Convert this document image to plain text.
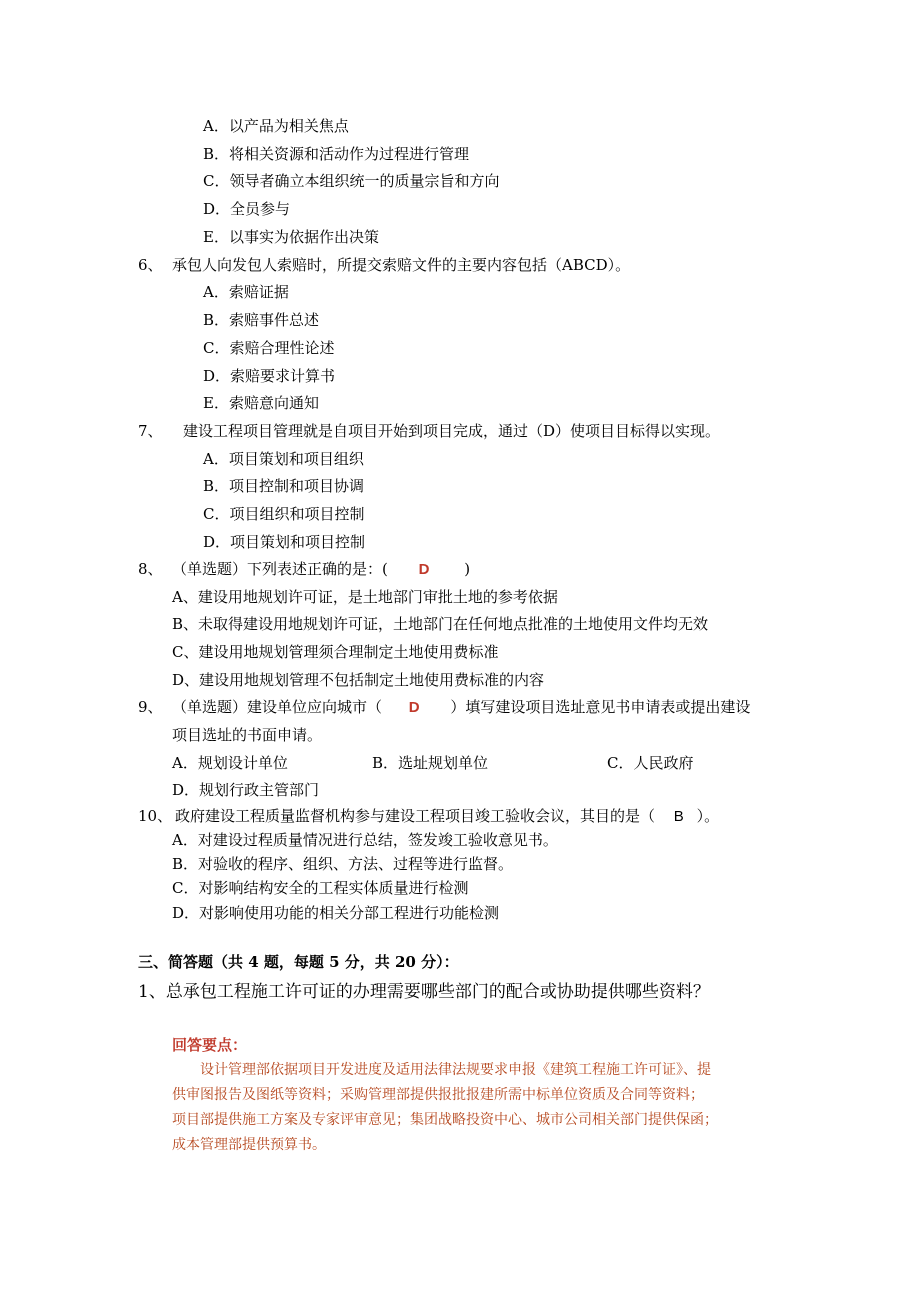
A．以产品为相关焦点
B．将相关资源和活动作为过程进行管理
C．领导者确立本组织统一的质量宗旨和方向
D．全员参与
E．以事实为依据作出决策
6、 承包人向发包人索赔时，所提交索赔文件的主要内容包括（ABCD）。
A．索赔证据
B．索赔事件总述
C．索赔合理性论述
D．索赔要求计算书
E．索赔意向通知
7、 建设工程项目管理就是自项目开始到项目完成，通过（D）使项目目标得以实现。
A．项目策划和项目组织
B．项目控制和项目协调
C．项目组织和项目控制
D．项目策划和项目控制
8、 （单选题）下列表述正确的是：( D )
A、建设用地规划许可证，是土地部门审批土地的参考依据
B、未取得建设用地规划许可证，土地部门在任何地点批准的土地使用文件均无效
C、建设用地规划管理须合理制定土地使用费标准
D、建设用地规划管理不包括制定土地使用费标准的内容
9、 （单选题）建设单位应向城市（ D ）填写建设项目选址意见书申请表或提出建设
项目选址的书面申请。
A．规划设计单位	B．选址规划单位	C．人民政府
D．规划行政主管部门
10、 政府建设工程质量监督机构参与建设工程项目竣工验收会议，其目的是（ B ）。
A．对建设过程质量情况进行总结，签发竣工验收意见书。
B．对验收的程序、组织、方法、过程等进行监督。
C．对影响结构安全的工程实体质量进行检测
D．对影响使用功能的相关分部工程进行功能检测
三、简答题（共 4 题，每题 5 分，共 20 分）：
1、总承包工程施工许可证的办理需要哪些部门的配合或协助提供哪些资料？
回答要点：
设计管理部依据项目开发进度及适用法律法规要求申报《建筑工程施工许可证》、提
供审图报告及图纸等资料；采购管理部提供报批报建所需中标单位资质及合同等资料；
项目部提供施工方案及专家评审意见；集团战略投资中心、城市公司相关部门提供保函；
成本管理部提供预算书。
